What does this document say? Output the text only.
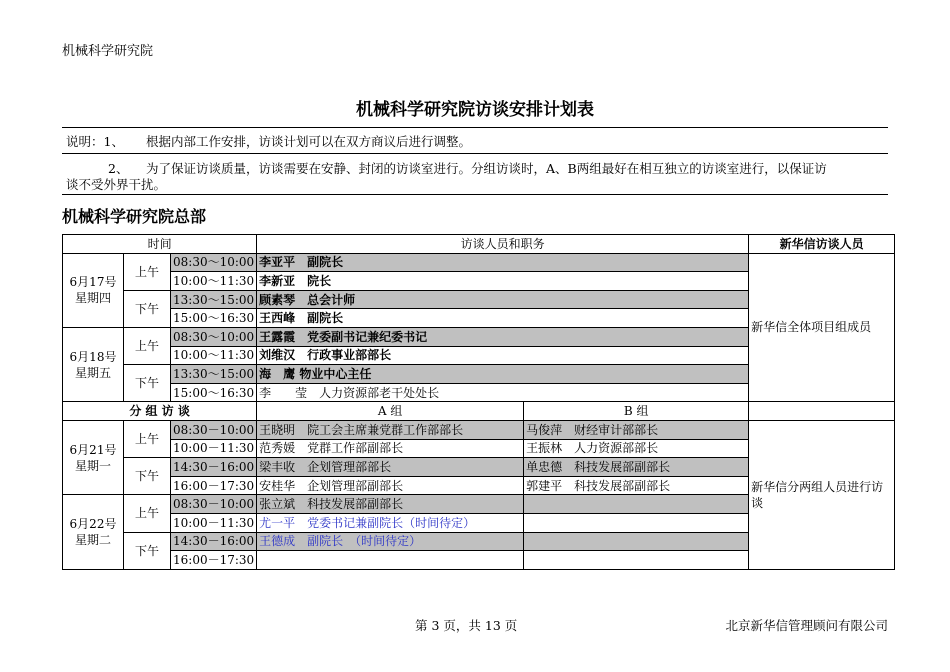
机械科学研究院
机械科学研究院访谈安排计划表
说明：1、 根据内部工作安排，访谈计划可以在双方商议后进行调整。
2、 为了保证访谈质量，访谈需要在安静、封闭的访谈室进行。分组访谈时，A、B两组最好在相互独立的访谈室进行，以保证访
谈不受外界干扰。
机械科学研究院总部
时间			访谈人员和职务		新华信访谈人员
6月17号
星期四	上午	08:30～10:00	李亚平　副院长		新华信全体项目组成员
		10:00～11:30	李新亚　院长		
	下午	13:30～15:00	顾素琴　总会计师		
		15:00～16:30	王西峰　副院长		
6月18号
星期五	上午	08:30～10:00	王露霞　党委副书记兼纪委书记		
		10:00～11:30	刘维汉　行政事业部部长		
	下午	13:30～15:00	海　鹰 物业中心主任		
		15:00～16:30	李　　莹　人力资源部老干处处长		
分 组 访 谈			A 组	B 组	
6月21号
星期一	上午	08:30－10:00	王晓明　院工会主席兼党群工作部部长	马俊萍　财经审计部部长	新华信分两组人员进行访谈
		10:00－11:30	范秀媛　党群工作部副部长	王振林　人力资源部部长	
	下午	14:30－16:00	梁丰收　企划管理部部长	单忠德　科技发展部副部长	
		16:00－17:30	安桂华　企划管理部副部长	郭建平　科技发展部副部长	
6月22号
星期二	上午	08:30－10:00	张立斌　科技发展部副部长		
		10:00－11:30	尤一平　党委书记兼副院长（时间待定）		
	下午	14:30－16:00	王德成　副院长　（时间待定）		
		16:00－17:30			
第 3 页，共 13 页	北京新华信管理顾问有限公司
